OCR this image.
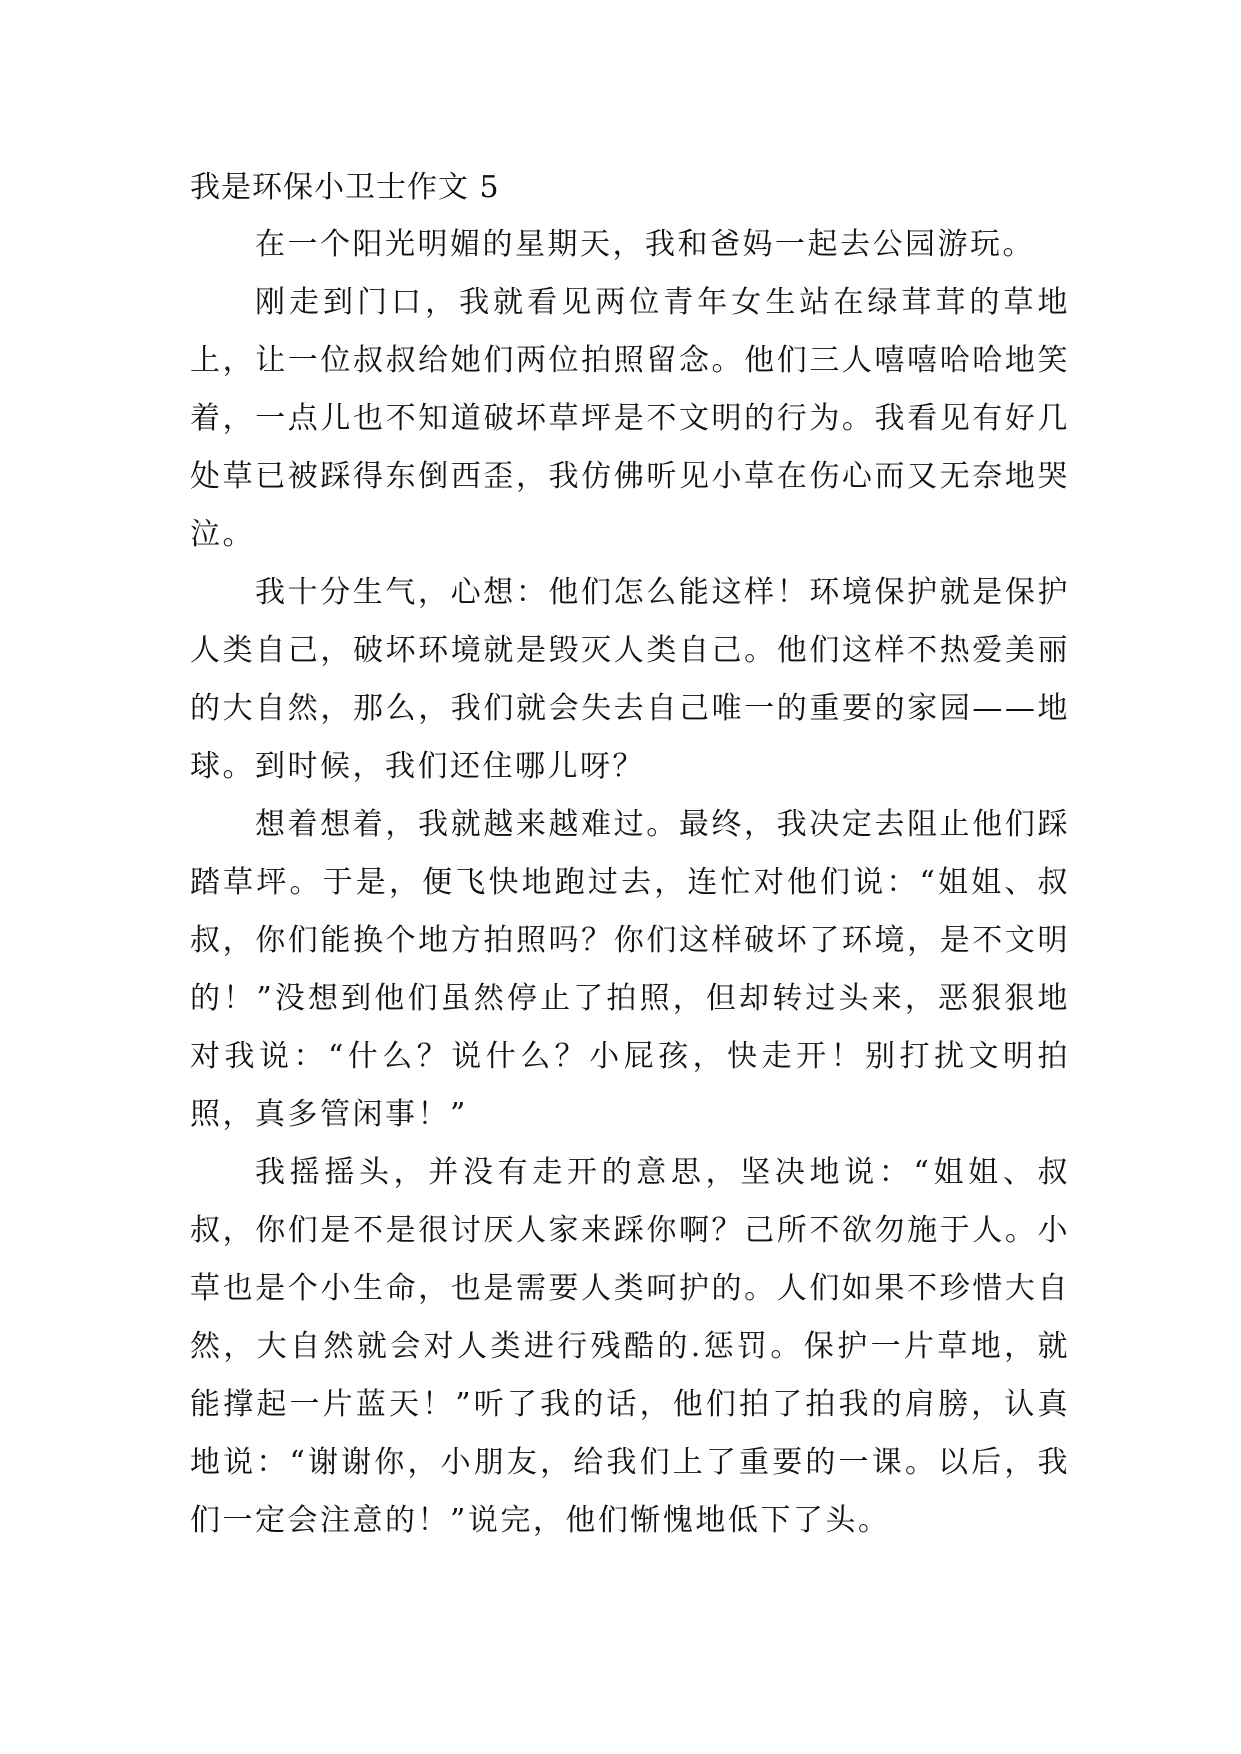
我是环保小卫士作文 5

在一个阳光明媚的星期天，我和爸妈一起去公园游玩。

刚走到门口，我就看见两位青年女生站在绿茸茸的草地上，让一位叔叔给她们两位拍照留念。他们三人嘻嘻哈哈地笑着，一点儿也不知道破坏草坪是不文明的行为。我看见有好几处草已被踩得东倒西歪，我仿佛听见小草在伤心而又无奈地哭泣。

我十分生气，心想：他们怎么能这样！环境保护就是保护人类自己，破坏环境就是毁灭人类自己。他们这样不热爱美丽的大自然，那么，我们就会失去自己唯一的重要的家园——地球。到时候，我们还住哪儿呀？

想着想着，我就越来越难过。最终，我决定去阻止他们踩踏草坪。于是，便飞快地跑过去，连忙对他们说：“姐姐、叔叔，你们能换个地方拍照吗？你们这样破坏了环境，是不文明的！”没想到他们虽然停止了拍照，但却转过头来，恶狠狠地对我说：“什么？说什么？小屁孩，快走开！别打扰文明拍照，真多管闲事！”

我摇摇头，并没有走开的意思，坚决地说：“姐姐、叔叔，你们是不是很讨厌人家来踩你啊？己所不欲勿施于人。小草也是个小生命，也是需要人类呵护的。人们如果不珍惜大自然，大自然就会对人类进行残酷的.惩罚。保护一片草地，就能撑起一片蓝天！”听了我的话，他们拍了拍我的肩膀，认真地说：“谢谢你，小朋友，给我们上了重要的一课。以后，我们一定会注意的！”说完，他们惭愧地低下了头。
